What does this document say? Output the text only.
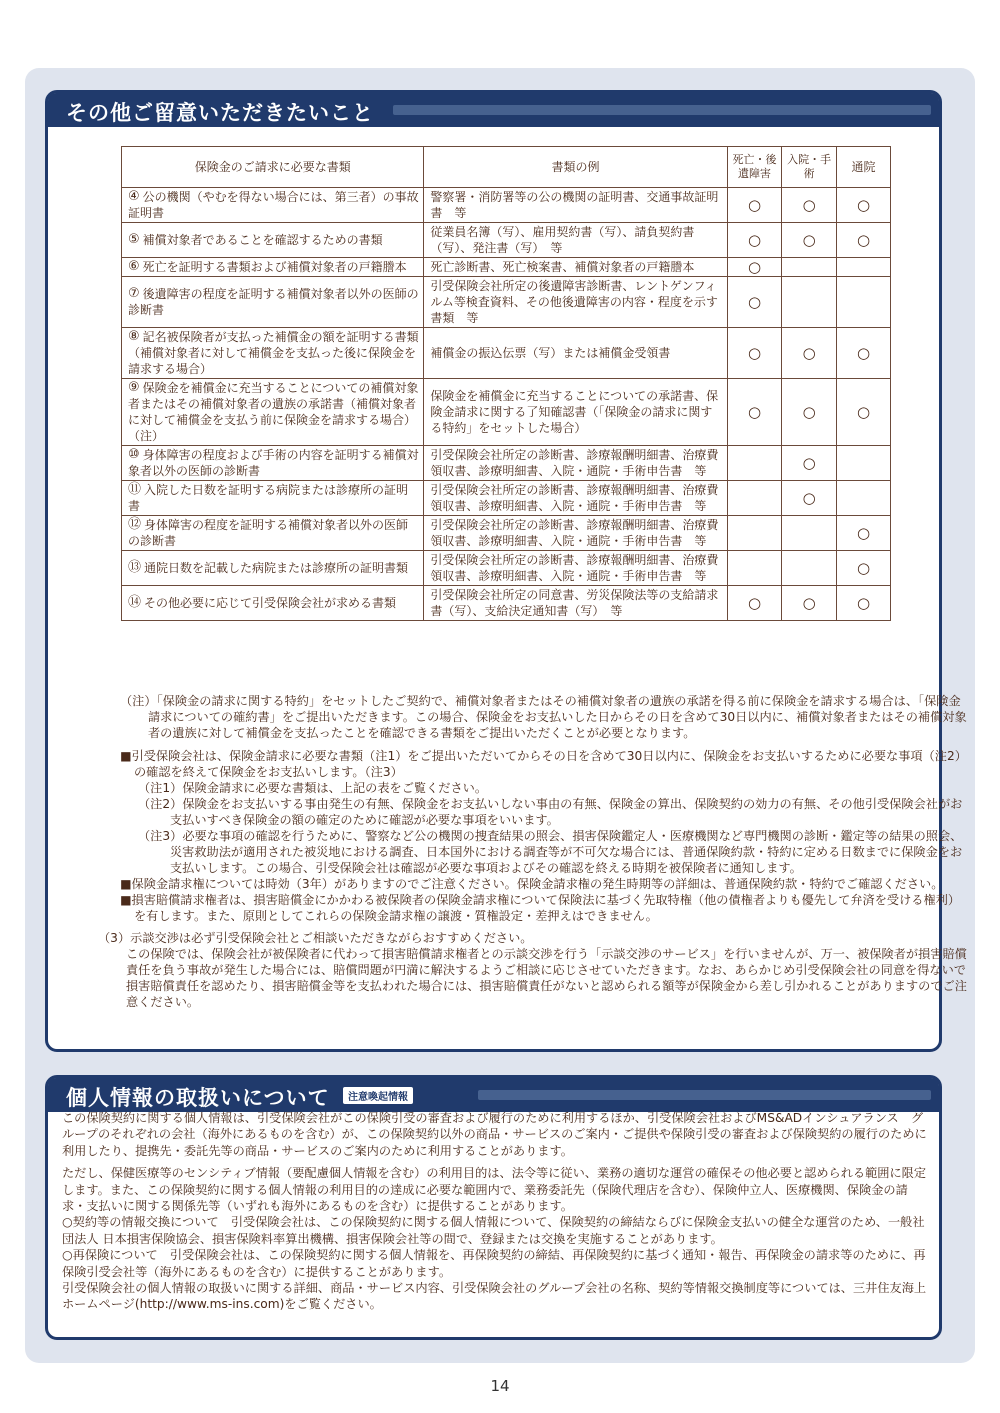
その他ご留意いただきたいこと
保険金のご請求に必要な書類	書類の例	死亡・後遺障害	入院・手術	通院
④ 公の機関（やむを得ない場合には、第三者）の事故証明書	警察署・消防署等の公の機関の証明書、交通事故証明書　等	○	○	○
⑤ 補償対象者であることを確認するための書類	従業員名簿（写）、雇用契約書（写）、請負契約書（写）、発注書（写）　等	○	○	○
⑥ 死亡を証明する書類および補償対象者の戸籍謄本	死亡診断書、死亡検案書、補償対象者の戸籍謄本	○		
⑦ 後遺障害の程度を証明する補償対象者以外の医師の診断書	引受保険会社所定の後遺障害診断書、レントゲンフィルム等検査資料、その他後遺障害の内容・程度を示す書類　等	○		
⑧ 記名被保険者が支払った補償金の額を証明する書類（補償対象者に対して補償金を支払った後に保険金を請求する場合）	補償金の振込伝票（写）または補償金受領書	○	○	○
⑨ 保険金を補償金に充当することについての補償対象者またはその補償対象者の遺族の承諾書（補償対象者に対して補償金を支払う前に保険金を請求する場合）（注）	保険金を補償金に充当することについての承諾書、保険金請求に関する了知確認書（「保険金の請求に関する特約」をセットした場合）	○	○	○
⑩ 身体障害の程度および手術の内容を証明する補償対象者以外の医師の診断書	引受保険会社所定の診断書、診療報酬明細書、治療費領収書、診療明細書、入院・通院・手術申告書　等		○	
⑪ 入院した日数を証明する病院または診療所の証明書	引受保険会社所定の診断書、診療報酬明細書、治療費領収書、診療明細書、入院・通院・手術申告書　等		○	
⑫ 身体障害の程度を証明する補償対象者以外の医師の診断書	引受保険会社所定の診断書、診療報酬明細書、治療費領収書、診療明細書、入院・通院・手術申告書　等			○
⑬ 通院日数を記載した病院または診療所の証明書類	引受保険会社所定の診断書、診療報酬明細書、治療費領収書、診療明細書、入院・通院・手術申告書　等			○
⑭ その他必要に応じて引受保険会社が求める書類	引受保険会社所定の同意書、労災保険法等の支給請求書（写）、支給決定通知書（写）　等	○	○	○

（注）「保険金の請求に関する特約」をセットしたご契約で、補償対象者またはその補償対象者の遺族の承諾を得る前に保険金を請求する場合は、「保険金請求についての確約書」をご提出いただきます。この場合、保険金をお支払いした日からその日を含めて30日以内に、補償対象者またはその補償対象者の遺族に対して補償金を支払ったことを確認できる書類をご提出いただくことが必要となります。

■引受保険会社は、保険金請求に必要な書類（注1）をご提出いただいてからその日を含めて30日以内に、保険金をお支払いするために必要な事項（注2）の確認を終えて保険金をお支払いします。（注3）

（注1）保険金請求に必要な書類は、上記の表をご覧ください。

（注2）保険金をお支払いする事由発生の有無、保険金をお支払いしない事由の有無、保険金の算出、保険契約の効力の有無、その他引受保険会社がお支払いすべき保険金の額の確定のために確認が必要な事項をいいます。

（注3）必要な事項の確認を行うために、警察など公の機関の捜査結果の照会、損害保険鑑定人・医療機関など専門機関の診断・鑑定等の結果の照会、災害救助法が適用された被災地における調査、日本国外における調査等が不可欠な場合には、普通保険約款・特約に定める日数までに保険金をお支払いします。この場合、引受保険会社は確認が必要な事項およびその確認を終える時期を被保険者に通知します。

■保険金請求権については時効（3年）がありますのでご注意ください。保険金請求権の発生時期等の詳細は、普通保険約款・特約でご確認ください。

■損害賠償請求権者は、損害賠償金にかかわる被保険者の保険金請求権について保険法に基づく先取特権（他の債権者よりも優先して弁済を受ける権利）を有します。また、原則としてこれらの保険金請求権の譲渡・質権設定・差押えはできません。

（3）示談交渉は必ず引受保険会社とご相談いただきながらおすすめください。

この保険では、保険会社が被保険者に代わって損害賠償請求権者との示談交渉を行う「示談交渉のサービス」を行いませんが、万一、被保険者が損害賠償責任を負う事故が発生した場合には、賠償問題が円満に解決するようご相談に応じさせていただきます。なお、あらかじめ引受保険会社の同意を得ないで損害賠償責任を認めたり、損害賠償金等を支払われた場合には、損害賠償責任がないと認められる額等が保険金から差し引かれることがありますのでご注意ください。

個人情報の取扱いについて	注意喚起情報

この保険契約に関する個人情報は、引受保険会社がこの保険引受の審査および履行のために利用するほか、引受保険会社およびMS&ADインシュアランス　グループのそれぞれの会社（海外にあるものを含む）が、この保険契約以外の商品・サービスのご案内・ご提供や保険引受の審査および保険契約の履行のために利用したり、提携先・委託先等の商品・サービスのご案内のために利用することがあります。

ただし、保健医療等のセンシティブ情報（要配慮個人情報を含む）の利用目的は、法令等に従い、業務の適切な運営の確保その他必要と認められる範囲に限定します。また、この保険契約に関する個人情報の利用目的の達成に必要な範囲内で、業務委託先（保険代理店を含む）、保険仲立人、医療機関、保険金の請求・支払いに関する関係先等（いずれも海外にあるものを含む）に提供することがあります。

○契約等の情報交換について　引受保険会社は、この保険契約に関する個人情報について、保険契約の締結ならびに保険金支払いの健全な運営のため、一般社団法人 日本損害保険協会、損害保険料率算出機構、損害保険会社等の間で、登録または交換を実施することがあります。

○再保険について　引受保険会社は、この保険契約に関する個人情報を、再保険契約の締結、再保険契約に基づく通知・報告、再保険金の請求等のために、再保険引受会社等（海外にあるものを含む）に提供することがあります。

引受保険会社の個人情報の取扱いに関する詳細、商品・サービス内容、引受保険会社のグループ会社の名称、契約等情報交換制度等については、三井住友海上ホームページ(http://www.ms-ins.com)をご覧ください。

14
